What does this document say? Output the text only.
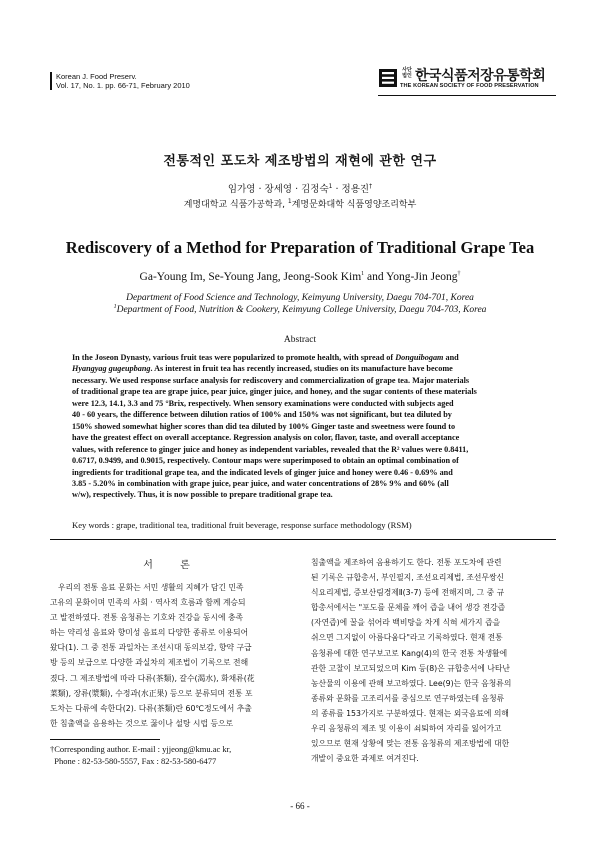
Korean J. Food Preserv.
Vol. 17, No. 1. pp. 66-71, February 2010
사단
법인 한국식품저장유통학회
THE KOREAN SOCIETY OF FOOD PRESERVATION
전통적인 포도차 제조방법의 재현에 관한 연구
임가영 · 장세영 · 김정숙$^1$ · 정용진†
계명대학교 식품가공학과, $^1$계명문화대학 식품영양조리학부
Rediscovery of a Method for Preparation of Traditional Grape Tea
Ga-Young Im, Se-Young Jang, Jeong-Sook Kim$^1$ and Yong-Jin Jeong†
Department of Food Science and Technology, Keimyung University, Daegu 704-701, Korea
$^1$Department of Food, Nutrition & Cookery, Keimyung College University, Daegu 704-703, Korea
Abstract
In the Joseon Dynasty, various fruit teas were popularized to promote health, with spread of Donguibogam and
Hyangyag gugeupbang. As interest in fruit tea has recently increased, studies on its manufacture have become
necessary. We used response surface analysis for rediscovery and commercialization of grape tea. Major materials
of traditional grape tea are grape juice, pear juice, ginger juice, and honey, and the sugar contents of these materials
were 12.3, 14.1, 3.3 and 75 °Brix, respectively. When sensory examinations were conducted with subjects aged
40 - 60 years, the difference between dilution ratios of 100% and 150% was not significant, but tea diluted by
150% showed somewhat higher scores than did tea diluted by 100% Ginger taste and sweetness were found to
have the greatest effect on overall acceptance. Regression analysis on color, flavor, taste, and overall acceptance
values, with reference to ginger juice and honey as independent variables, revealed that the R² values were 0.8411,
0.6717, 0.9499, and 0.9015, respectively. Contour maps were superimposed to obtain an optimal combination of
ingredients for traditional grape tea, and the indicated levels of ginger juice and honey were 0.46 - 0.69% and
3.85 - 5.20% in combination with grape juice, pear juice, and water concentrations of 28% 9% and 60% (all
w/w), respectively. Thus, it is now possible to prepare traditional grape tea.
Key words : grape, traditional tea, traditional fruit beverage, response surface methodology (RSM)
서 론
우리의 전통 음료 문화는 서민 생활의 지혜가 담긴 민족
고유의 문화이며 민족의 사회 · 역사적 흐름과 함께 계승되
고 발전하였다. 전통 음청류는 기호와 건강을 동시에 충족
하는 약리성 음료와 향미성 음료의 다양한 종류로 이용되어
왔다(1). 그 중 전통 과일차는 조선시대 동의보감, 향약 구급
방 등의 보급으로 다양한 과실차의 제조법이 기록으로 전해
졌다. 그 제조방법에 따라 다류(茶類), 갈수(渴水), 화채류(花
菜類), 장류(漿類), 수정과(水正果) 등으로 분류되며 전통 포
도차는 다류에 속한다(2). 다류(茶類)란 60℃정도에서 추출
한 침출액을 음용하는 것으로 꿇이나 설탕 시럽 등으로
침출액을 제조하여 음용하기도 한다. 전통 포도차에 관련
된 기록은 규합총서, 부인필지, 조선요리제법, 조선무쌍신
식요리제법, 증보산림경제Ⅱ(3-7) 등에 전해지며, 그 중 규
합총서에서는 "포도를 문체를 깨어 즙을 내어 생강 전강즙
(자연즙)에 꿀을 섞어라 백비탕을 차게 식혀 세가지 즙을
쉬으면 그지없이 아름다움다"라고 기록하였다. 현재 전통
음청류에 대한 연구보고로 Kang(4)의 한국 전통 차생활에
관한 고찰이 보고되었으며 Kim 등(8)은 규합총서에 나타난
농산물의 이용에 관해 보고하였다. Lee(9)는 한국 음청류의
종류와 문화를 고조리서를 중심으로 연구하였는데 음청류
의 종류를 153가지로 구분하였다. 현재는 외국음료에 의해
우리 음청류의 제조 및 이용이 쇠퇴하여 자리를 잃어가고
있으므로 현재 상황에 맞는 전통 음청류의 제조방법에 대한
개발이 중요한 과제로 여겨진다.
†Corresponding author. E-mail : yjjeong@kmu.ac kr,
Phone : 82-53-580-5557, Fax : 82-53-580-6477
- 66 -
